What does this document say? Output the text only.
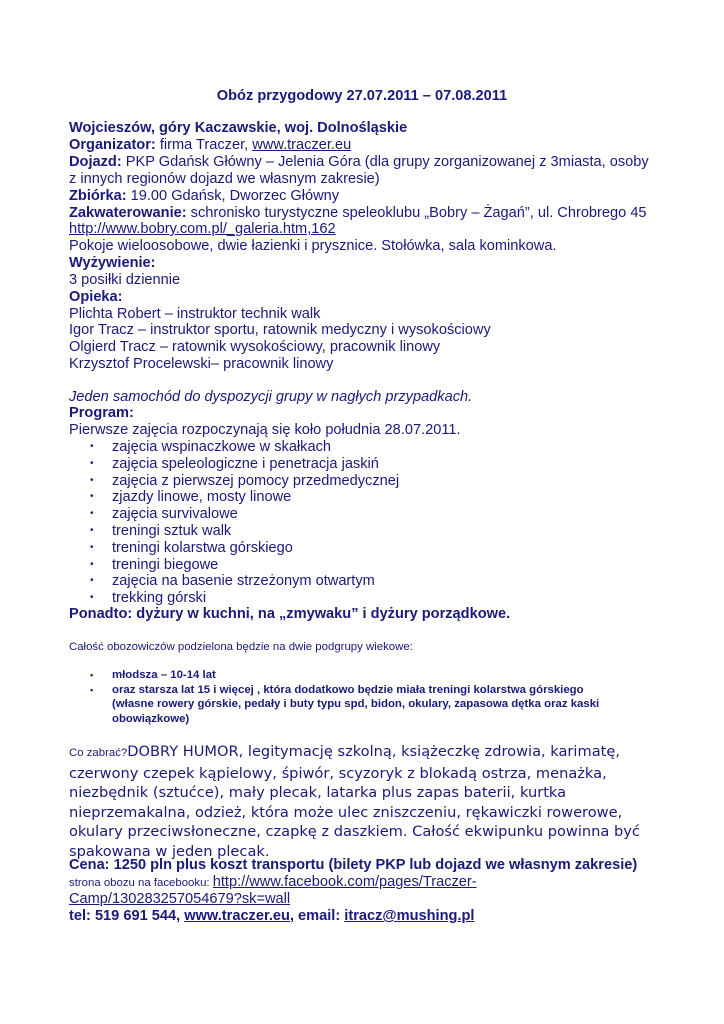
Obóz przygodowy 27.07.2011 – 07.08.2011

Wojcieszów, góry Kaczawskie, woj. Dolnośląskie

Organizator: firma Traczer, www.traczer.eu

Dojazd: PKP Gdańsk Główny – Jelenia Góra (dla grupy zorganizowanej z 3miasta, osoby

z innych regionów dojazd we własnym zakresie)

Zbiórka: 19.00 Gdańsk, Dworzec Główny

Zakwaterowanie: schronisko turystyczne speleoklubu „Bobry – Żagań”, ul. Chrobrego 45

http://www.bobry.com.pl/_galeria.htm,162

Pokoje wieloosobowe, dwie łazienki i prysznice. Stołówka, sala kominkowa.

Wyżywienie:

3 posiłki dziennie

Opieka:

Plichta Robert – instruktor technik walk

Igor Tracz – instruktor sportu, ratownik medyczny i wysokościowy

Olgierd Tracz – ratownik wysokościowy, pracownik linowy

Krzysztof Procelewski– pracownik linowy

Jeden samochód do dyspozycji grupy w nagłych przypadkach.

Program:

Pierwsze zajęcia rozpoczynają się koło południa 28.07.2011.

• zajęcia wspinaczkowe w skałkach
• zajęcia speleologiczne i penetracja jaskiń
• zajęcia z pierwszej pomocy przedmedycznej
• zjazdy linowe, mosty linowe
• zajęcia survivalowe
• treningi sztuk walk
• treningi kolarstwa górskiego
• treningi biegowe
• zajęcia na basenie strzeżonym otwartym
• trekking górski

Ponadto: dyżury w kuchni, na „zmywaku” i dyżury porządkowe.

Całość obozowiczów podzielona będzie na dwie podgrupy wiekowe:

• młodsza – 10-14 lat
• oraz starsza lat 15 i więcej , która dodatkowo będzie miała treningi kolarstwa górskiego
(własne rowery górskie, pedały i buty typu spd, bidon, okulary, zapasowa dętka oraz kaski
obowiązkowe)

Co zabrać?DOBRY HUMOR, legitymację szkolną, książeczkę zdrowia, karimatę, czerwony czepek kąpielowy, śpiwór, scyzoryk z blokadą ostrza, menażka, niezbędnik (sztućce), mały plecak, latarka plus zapas baterii, kurtka nieprzemakalna, odzież, która może ulec zniszczeniu, rękawiczki rowerowe, okulary przeciwsłoneczne, czapkę z daszkiem. Całość ekwipunku powinna być spakowana w jeden plecak.

Cena: 1250 pln plus koszt transportu (bilety PKP lub dojazd we własnym zakresie)

strona obozu na facebooku: http://www.facebook.com/pages/Traczer-

Camp/130283257054679?sk=wall

tel: 519 691 544, www.traczer.eu, email: itracz@mushing.pl
